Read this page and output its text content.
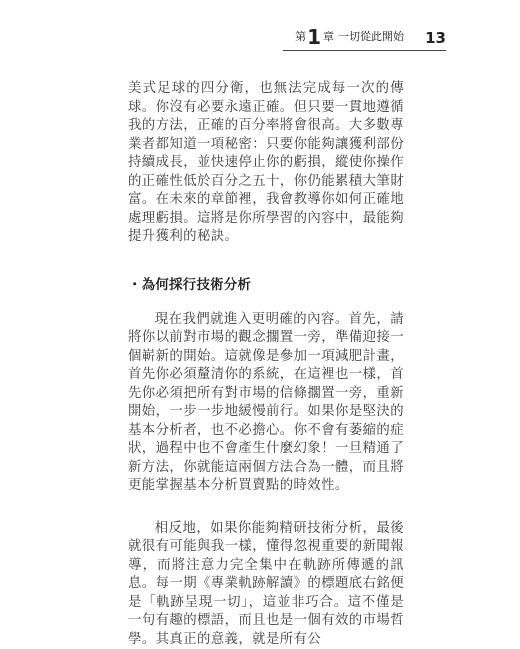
第 1 章 一切從此開始 13

美式足球的四分衛，也無法完成每一次的傳球。你沒有必要永遠正確。但只要一貫地遵循我的方法，正確的百分率將會很高。大多數專業者都知道一項秘密：只要你能夠讓獲利部份持續成長，並快速停止你的虧損，縱使你操作的正確性低於百分之五十，你仍能累積大筆財富。在未來的章節裡，我會教導你如何正確地處理虧損。這將是你所學習的內容中，最能夠提升獲利的秘訣。

・為何採行技術分析

現在我們就進入更明確的內容。首先，請將你以前對市場的觀念擱置一旁，準備迎接一個嶄新的開始。這就像是參加一項減肥計畫，首先你必須釐清你的系統，在這裡也一樣，首先你必須把所有對市場的信條擱置一旁，重新開始，一步一步地緩慢前行。如果你是堅決的基本分析者，也不必擔心。你不會有萎縮的症狀，過程中也不會產生什麼幻象！一旦精通了新方法，你就能這兩個方法合為一體，而且將更能掌握基本分析買賣點的時效性。

相反地，如果你能夠精研技術分析，最後就很有可能與我一樣，懂得忽視重要的新聞報導，而將注意力完全集中在軌跡所傳遞的訊息。每一期《專業軌跡解讀》的標題底右銘便是「軌跡呈現一切」，這並非巧合。這不僅是一句有趣的標語，而且也是一個有效的市場哲學。其真正的意義，就是所有公
